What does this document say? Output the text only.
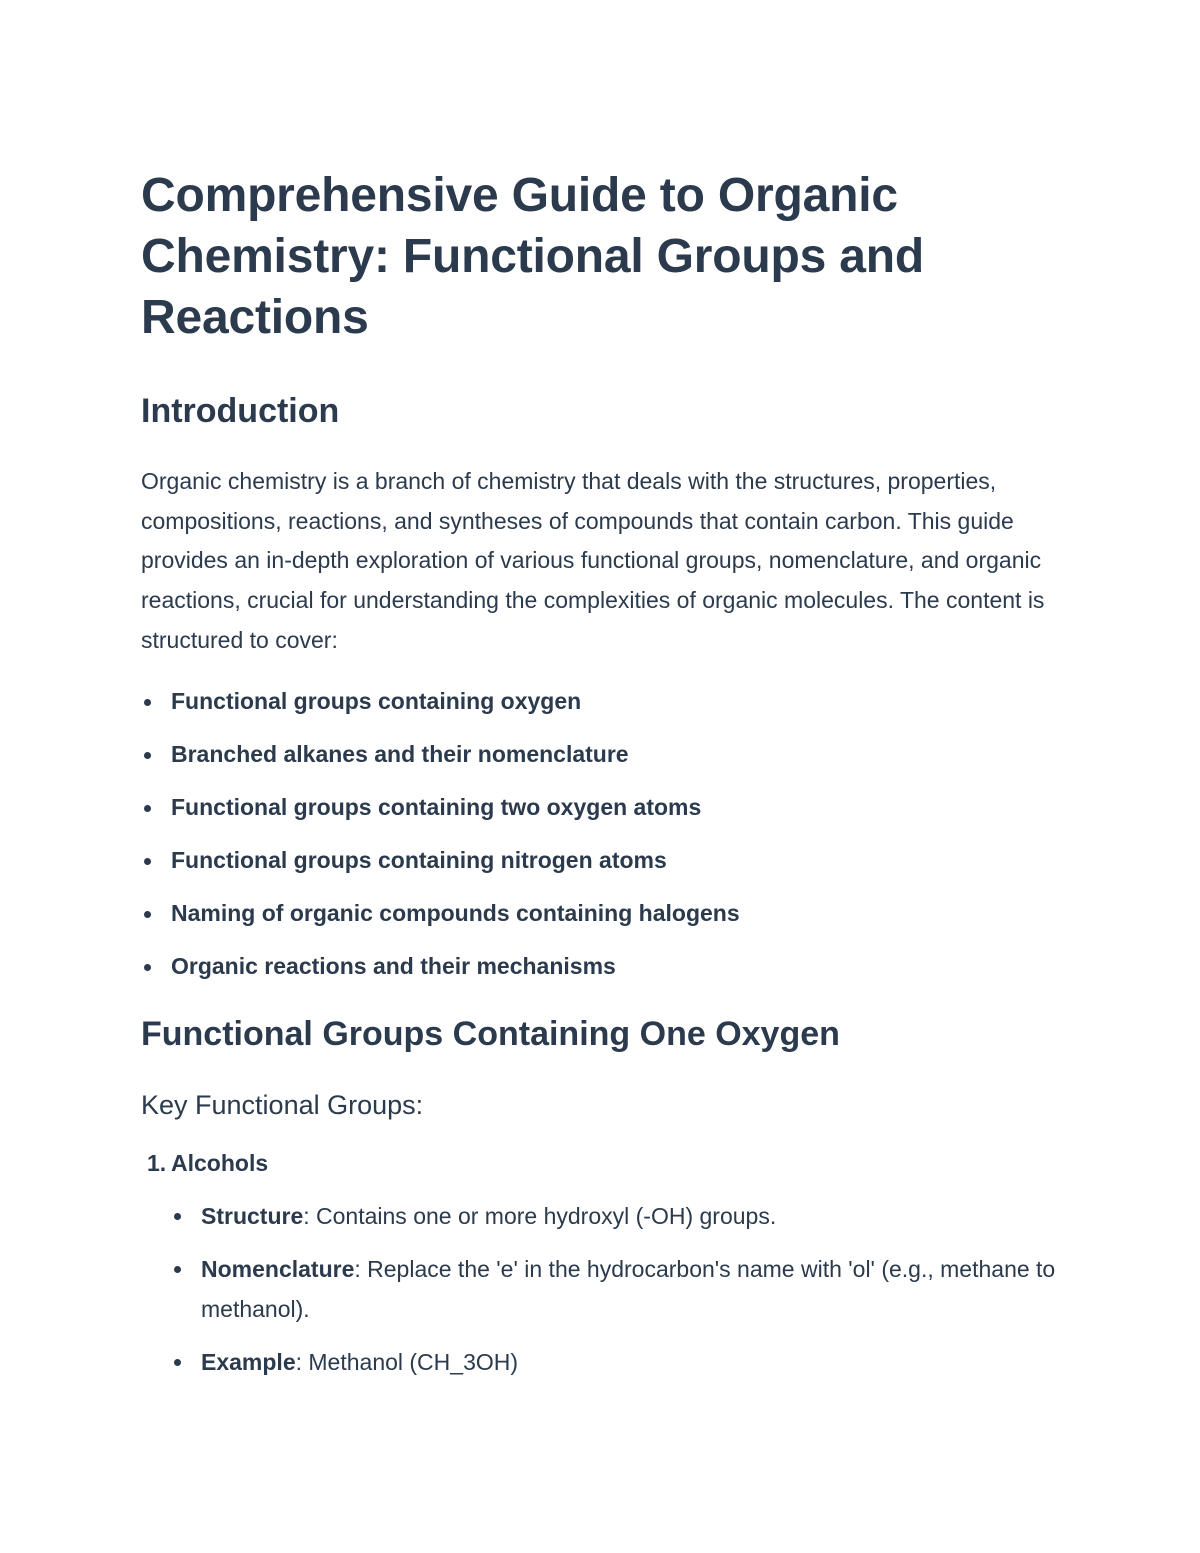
Comprehensive Guide to Organic Chemistry: Functional Groups and Reactions
Introduction

Organic chemistry is a branch of chemistry that deals with the structures, properties, compositions, reactions, and syntheses of compounds that contain carbon. This guide provides an in-depth exploration of various functional groups, nomenclature, and organic reactions, crucial for understanding the complexities of organic molecules. The content is structured to cover:

Functional groups containing oxygen
Branched alkanes and their nomenclature
Functional groups containing two oxygen atoms
Functional groups containing nitrogen atoms
Naming of organic compounds containing halogens
Organic reactions and their mechanisms
Functional Groups Containing One Oxygen
Key Functional Groups:
1. Alcohols
Structure: Contains one or more hydroxyl (-OH) groups.
Nomenclature: Replace the 'e' in the hydrocarbon's name with 'ol' (e.g., methane to methanol).
Example: Methanol (CH_3OH)
